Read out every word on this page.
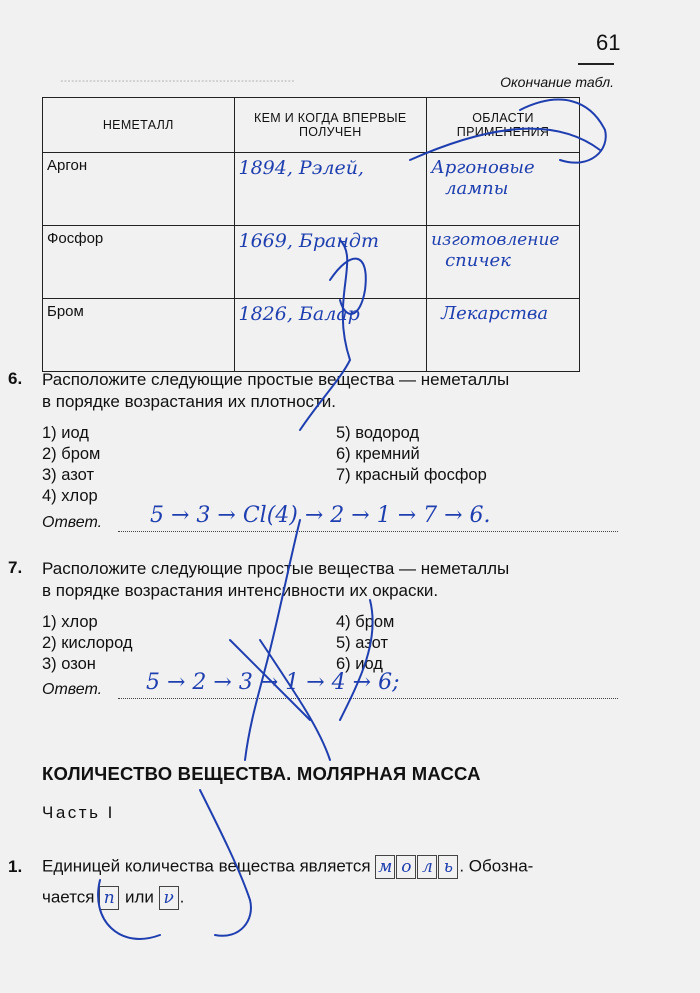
.................................................................
61
Окончание табл.
НЕМЕТАЛЛ	КЕМ И КОГДА ВПЕРВЫЕ ПОЛУЧЕН	ОБЛАСТИ ПРИМЕНЕНИЯ
Аргон	1894, Рэлей,	Аргоновые
лампы

Фосфор	1669, Брандт	изготовление
спичек

Бром	1826, Балар	Лекарства
6. Расположите следующие простые вещества — неметаллы
в порядке возрастания их плотности.
1) иод
2) бром
3) азот
4) хлор
5) водород
6) кремний
7) красный фосфор
Ответ. 5 → 3 → Cl(4) → 2 → 1 → 7 → 6.
7. Расположите следующие простые вещества — неметаллы
в порядке возрастания интенсивности их окраски.
1) хлор
2) кислород
3) озон
4) бром
5) азот
6) иод
Ответ. 5 → 2 → 3 → 1 → 4 → 6;
КОЛИЧЕСТВО ВЕЩЕСТВА. МОЛЯРНАЯ МАССА
Часть I
1. Единицей количества вещества является м о л ь . Обозна-
чается n или ν .
